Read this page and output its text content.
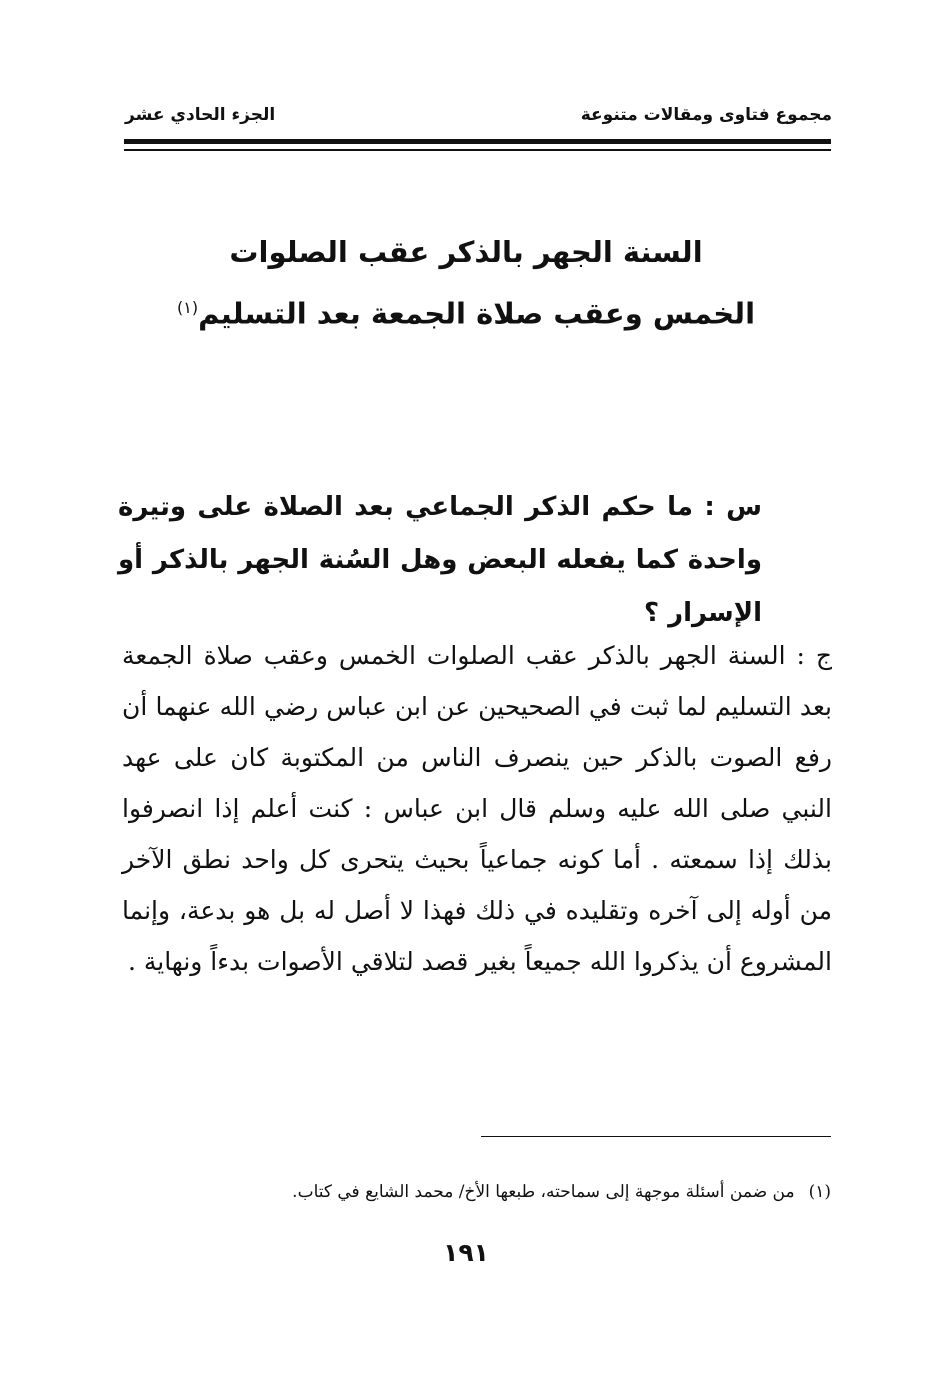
مجموع فتاوى ومقالات متنوعة
الجزء الحادي عشر
السنة الجهر بالذكر عقب الصلوات
الخمس وعقب صلاة الجمعة بعد التسليم$^{(١)}$

س : ما حكم الذكر الجماعي بعد الصلاة على وتيرة واحدة كما يفعله البعض وهل السُنة الجهر بالذكر أو الإسرار ؟

ج : السنة الجهر بالذكر عقب الصلوات الخمس وعقب صلاة الجمعة بعد التسليم لما ثبت في الصحيحين عن ابن عباس رضي الله عنهما أن رفع الصوت بالذكر حين ينصرف الناس من المكتوبة كان على عهد النبي صلى الله عليه وسلم قال ابن عباس : كنت أعلم إذا انصرفوا بذلك إذا سمعته . أما كونه جماعياً بحيث يتحرى كل واحد نطق الآخر من أوله إلى آخره وتقليده في ذلك فهذا لا أصل له بل هو بدعة، وإنما المشروع أن يذكروا الله جميعاً بغير قصد لتلاقي الأصوات بدءاً ونهاية .

(١)من ضمن أسئلة موجهة إلى سماحته، طبعها الأخ/ محمد الشايع في كتاب.
١٩١
